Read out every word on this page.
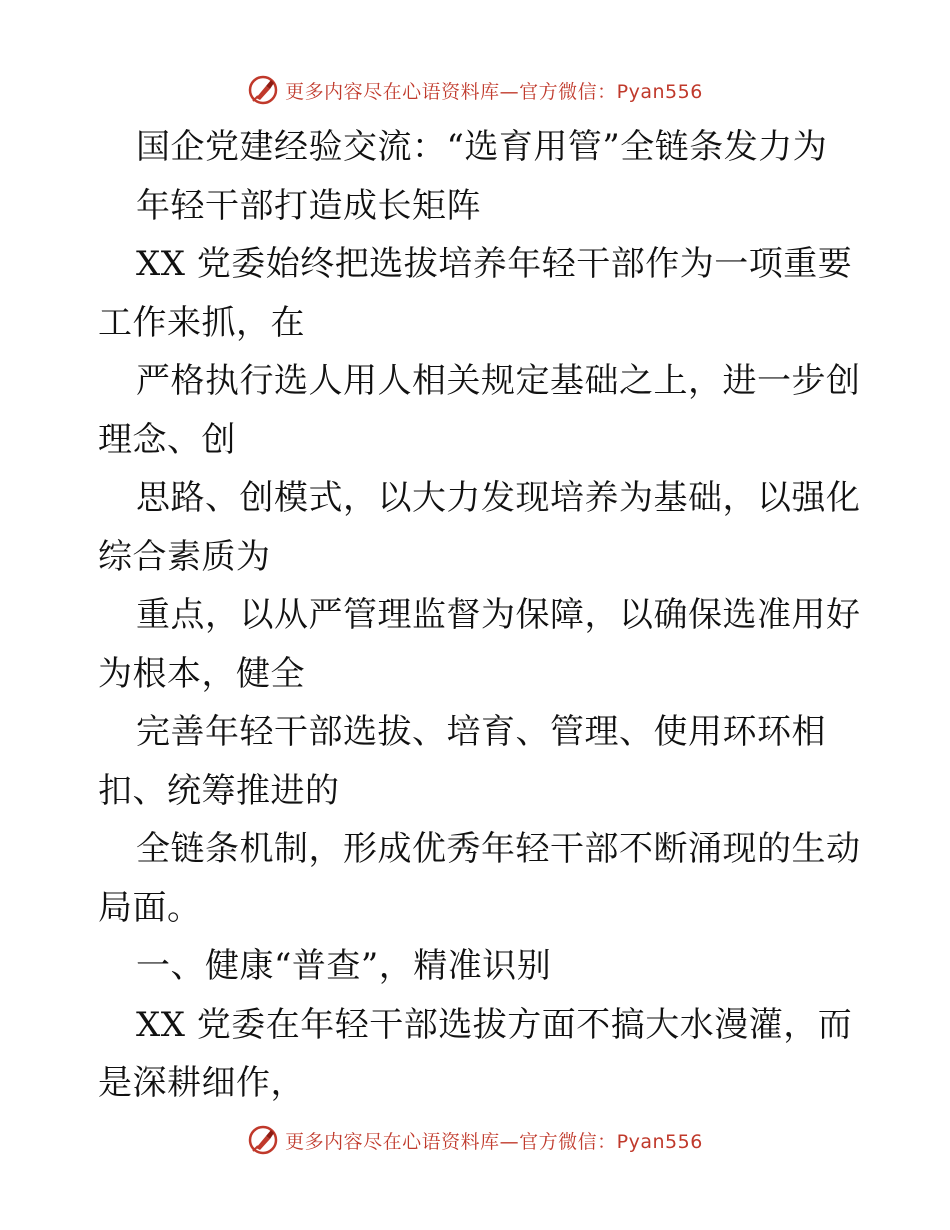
更多内容尽在心语资料库—官方微信：Pyan556
国企党建经验交流：“选育用管”全链条发力为
年轻干部打造成长矩阵
XX 党委始终把选拔培养年轻干部作为一项重要
工作来抓，在
严格执行选人用人相关规定基础之上，进一步创
理念、创
思路、创模式，以大力发现培养为基础，以强化
综合素质为
重点，以从严管理监督为保障，以确保选准用好
为根本，健全
完善年轻干部选拔、培育、管理、使用环环相
扣、统筹推进的
全链条机制，形成优秀年轻干部不断涌现的生动
局面。
一、健康“普查”，精准识别
XX 党委在年轻干部选拔方面不搞大水漫灌，而
是深耕细作，
更多内容尽在心语资料库—官方微信：Pyan556
